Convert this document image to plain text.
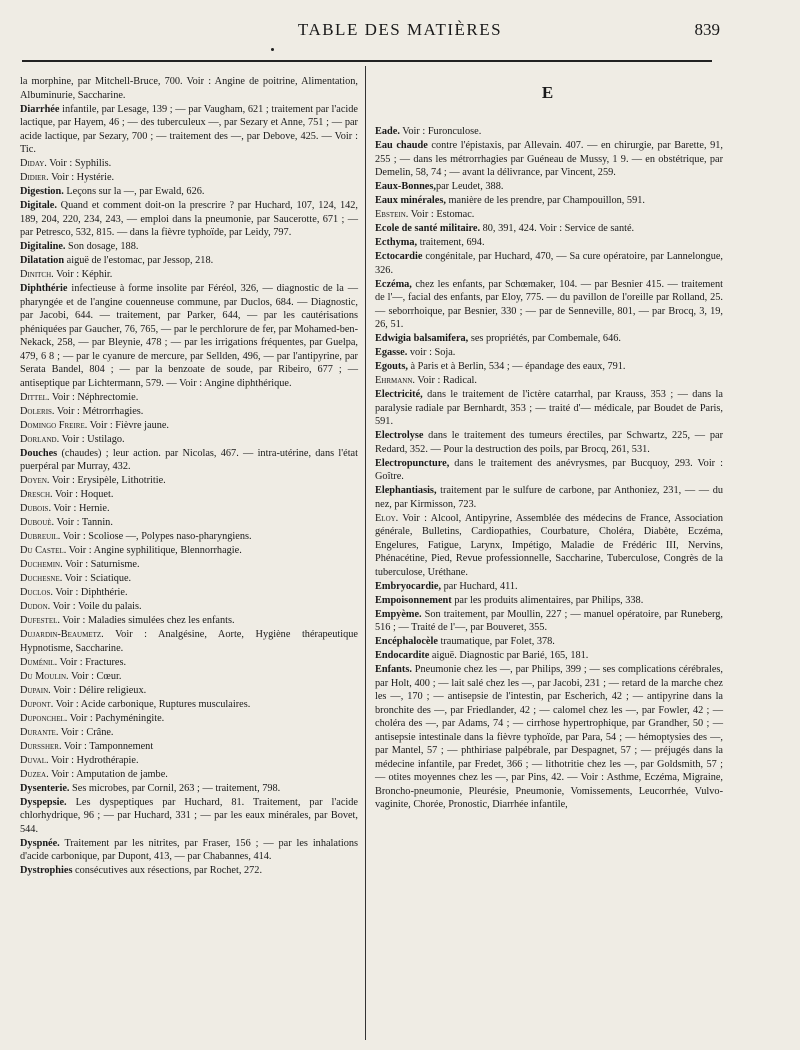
TABLE DES MATIÈRES	839

la morphine, par Mitchell-Bruce, 700. Voir : Angine de poitrine, Alimentation, Albuminurie, Saccharine.

Diarrhée infantile, par Lesage, 139 ; — par Vaugham, 621 ; traitement par l'acide lactique, par Hayem, 46 ; — des tuberculeux —, par Sezary et Anne, 751 ; — par acide lactique, par Sezary, 700 ; — traitement des —, par Debove, 425. — Voir : Tic.

Diday. Voir : Syphilis.

Didier. Voir : Hystérie.

Digestion. Leçons sur la —, par Ewald, 626.

Digitale. Quand et comment doit-on la prescrire ? par Huchard, 107, 124, 142, 189, 204, 220, 234, 243, — emploi dans la pneumonie, par Saucerotte, 671 ; — par Petresco, 532, 815. — dans la fièvre typhoïde, par Leidy, 797.

Digitaline. Son dosage, 188.

Dilatation aiguë de l'estomac, par Jessop, 218.

Dinitch. Voir : Képhir.

Diphthérie infectieuse à forme insolite par Féréol, 326, — diagnostic de la — pharyngée et de l'angine couenneuse commune, par Duclos, 684. — Diagnostic, par Jacobi, 644. — traitement, par Parker, 644, — par les cautérisations phéniquées par Gaucher, 76, 765, — par le perchlorure de fer, par Mohamed-ben-Nekack, 258, — par Bleynie, 478 ; — par les irrigations fréquentes, par Guelpa, 479, 6 8 ; — par le cyanure de mercure, par Sellden, 496, — par l'antipyrine, par Serata Bandel, 804 ; — par la benzoate de soude, par Ribeiro, 677 ; — antiseptique par Lichtermann, 579. — Voir : Angine diphthérique.

Dittel. Voir : Néphrectomie.

Doleris. Voir : Métrorrhagies.

Domingo Freire. Voir : Fièvre jaune.

Dorland. Voir : Ustilago.

Douches (chaudes) ; leur action. par Nicolas, 467. — intra-utérine, dans l'état puerpéral par Murray, 432.

Doyen. Voir : Erysipèle, Lithotritie.

Dresch. Voir : Hoquet.

Dubois. Voir : Hernie.

Dubouè. Voir : Tannin.

Dubreuil. Voir : Scoliose —, Polypes naso-pharyngiens.

Du Castel. Voir : Angine syphilitique, Blennorrhagie.

Duchemin. Voir : Saturnisme.

Duchesne. Voir : Sciatique.

Duclos. Voir : Diphthérie.

Dudon. Voir : Voile du palais.

Dufestel. Voir : Maladies simulées chez les enfants.

Dujardin-Beaumetz. Voir : Analgésine, Aorte, Hygiène thérapeutique Hypnotisme, Saccharine.

Duménil. Voir : Fractures.

Du Moulin. Voir : Cœur.

Dupain. Voir : Délire religieux.

Dupont. Voir : Acide carbonique, Ruptures musculaires.

Duponchel. Voir : Pachyméningite.

Durante. Voir : Crâne.

Durssher. Voir : Tamponnement

Duval. Voir : Hydrothérapie.

Duzea. Voir : Amputation de jambe.

Dysenterie. Ses microbes, par Cornil, 263 ; — traitement, 798.

Dyspepsie. Les dyspeptiques par Huchard, 81. Traitement, par l'acide chlorhydrique, 96 ; — par Huchard, 331 ; — par les eaux minérales, par Bovet, 544.

Dyspnée. Traitement par les nitrites, par Fraser, 156 ; — par les inhalations d'acide carbonique, par Dupont, 413, — par Chabannes, 414.

Dystrophies consécutives aux résections, par Rochet, 272.

E

Eade. Voir : Furonculose.

Eau chaude contre l'épistaxis, par Allevain. 407. — en chirurgie, par Barette, 91, 255 ; — dans les métrorrhagies par Guéneau de Mussy, 1 9. — en obstétrique, par Demelin, 58, 74 ; — avant la délivrance, par Vincent, 259.

Eaux-Bonnes,par Leudet, 388.

Eaux minérales, manière de les prendre, par Champouillon, 591.

Ebstein. Voir : Estomac.

Ecole de santé militaire. 80, 391, 424. Voir : Service de santé.

Ecthyma, traitement, 694.

Ectocardie congénitale, par Huchard, 470, — Sa cure opératoire, par Lannelongue, 326.

Eczéma, chez les enfants, par Schœmaker, 104. — par Besnier 415. — traitement de l'—, facial des enfants, par Eloy, 775. — du pavillon de l'oreille par Rolland, 25. — seborrhoique, par Besnier, 330 ; — par de Senneville, 801, — par Brocq, 3, 19, 26, 51.

Edwigia balsamifera, ses propriétés, par Combemale, 646.

Egasse. voir : Soja.

Egouts, à Paris et à Berlin, 534 ; — épandage des eaux, 791.

Ehrmann. Voir : Radical.

Electricité, dans le traitement de l'ictère catarrhal, par Krauss, 353 ; — dans la paralysie radiale par Bernhardt, 353 ; — traité d'— médicale, par Boudet de Paris, 591.

Electrolyse dans le traitement des tumeurs érectiles, par Schwartz, 225, — par Redard, 352. — Pour la destruction des poils, par Brocq, 261, 531.

Electropuncture, dans le traitement des anévrysmes, par Bucquoy, 293. Voir : Goître.

Elephantiasis, traitement par le sulfure de carbone, par Anthoniez, 231, — — du nez, par Kirmisson, 723.

Eloy. Voir : Alcool, Antipyrine, Assemblée des médecins de France, Association générale, Bulletins, Cardiopathies, Courbature, Choléra, Diabète, Eczéma, Engelures, Fatigue, Larynx, Impétigo, Maladie de Frédéric III, Nervins, Phénacétine, Pied, Revue professionnelle, Saccharine, Tuberculose, Congrès de la tuberculose, Uréthane.

Embryocardie, par Huchard, 411.

Empoisonnement par les produits alimentaires, par Philips, 338.

Empyème. Son traitement, par Moullin, 227 ; — manuel opératoire, par Runeberg, 516 ; — Traité de l'—, par Bouveret, 355.

Encéphalocèle traumatique, par Folet, 378.

Endocardite aiguë. Diagnostic par Barié, 165, 181.

Enfants. Pneumonie chez les —, par Philips, 399 ; — ses complications cérébrales, par Holt, 400 ; — lait salé chez les —, par Jacobi, 231 ; — retard de la marche chez les —, 170 ; — antisepsie de l'intestin, par Escherich, 42 ; — antipyrine dans la bronchite des —, par Friedlander, 42 ; — calomel chez les —, par Fowler, 42 ; — choléra des —, par Adams, 74 ; — cirrhose hypertrophique, par Grandher, 50 ; — antisepsie intestinale dans la fièvre typhoïde, par Para, 54 ; — hémoptysies des —, par Mantel, 57 ; — phthiriase palpébrale, par Despagnet, 57 ; — préjugés dans la médecine infantile, par Fredet, 366 ; — lithotritie chez les —, par Goldsmith, 57 ; — otites moyennes chez les —, par Pins, 42. — Voir : Asthme, Eczéma, Migraine, Broncho-pneumonie, Pleurésie, Pneumonie, Vomissements, Leucorrhée, Vulvo-vaginite, Chorée, Pronostic, Diarrhée infantile,
